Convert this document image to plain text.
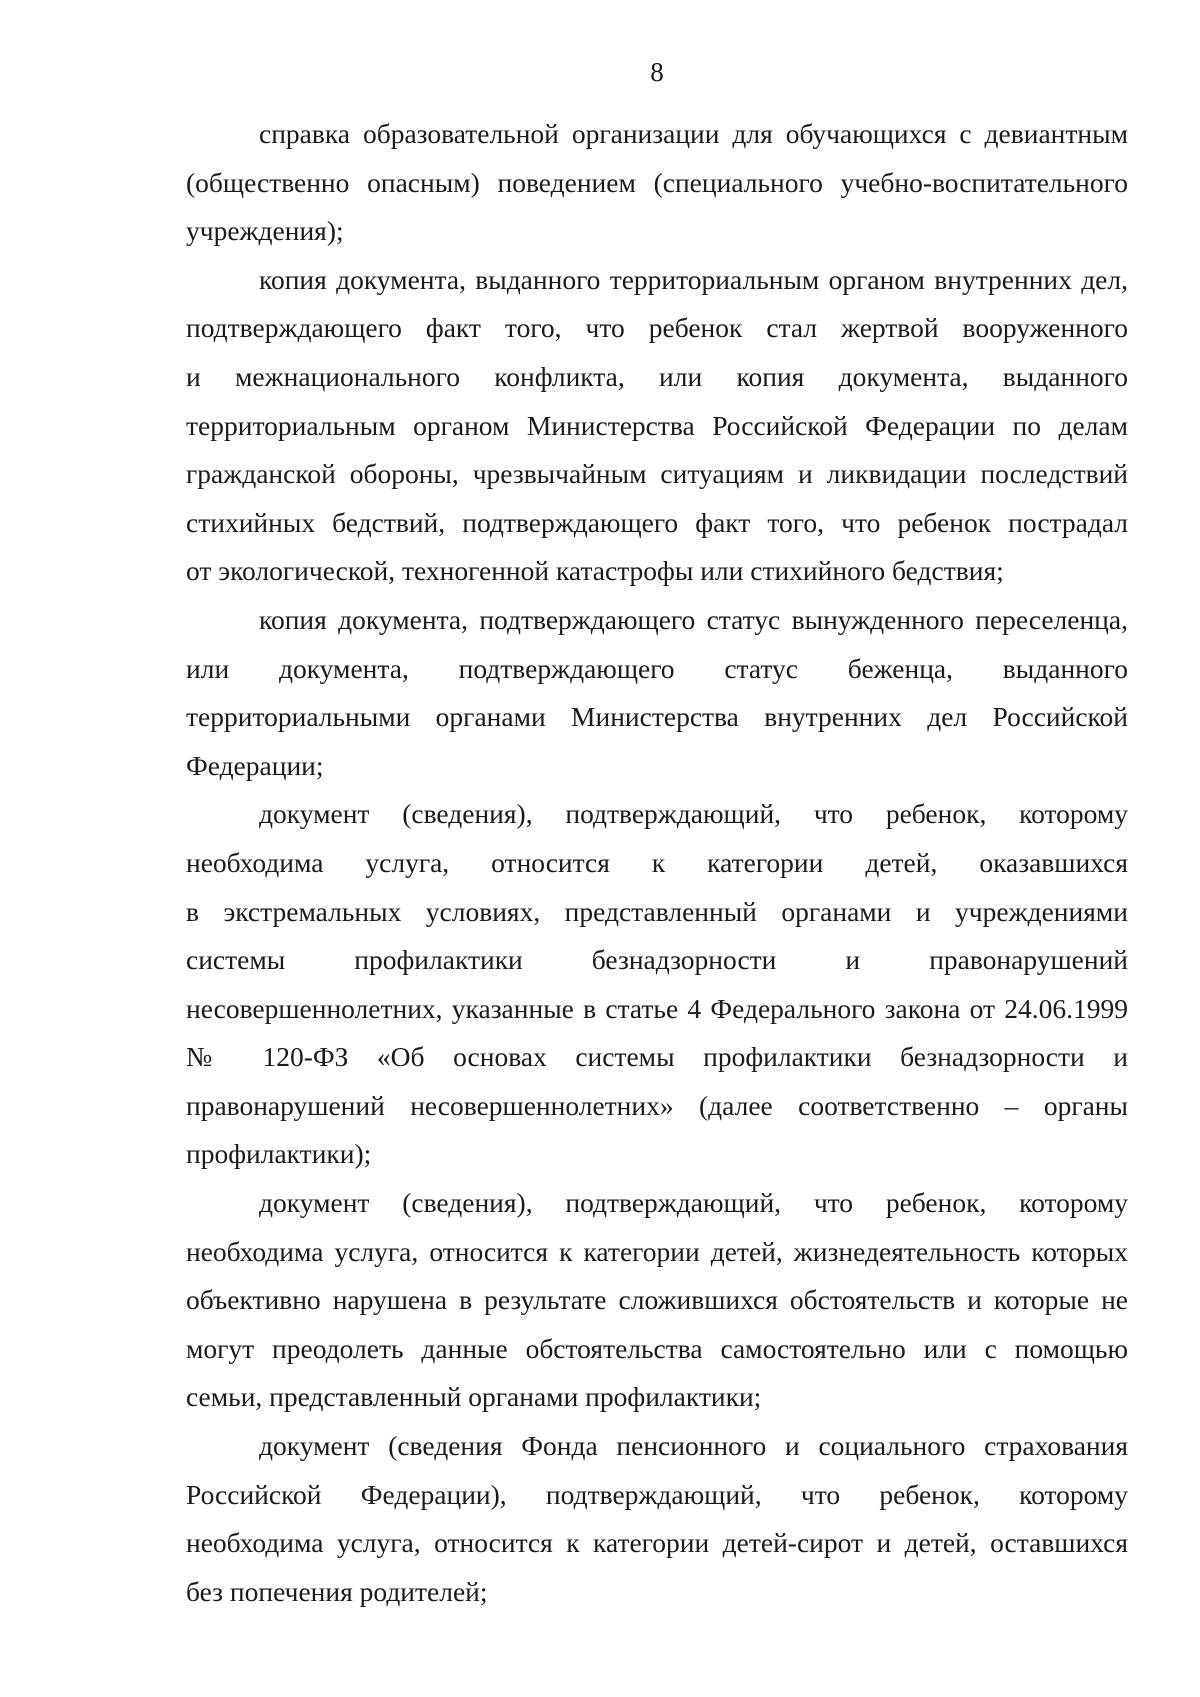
8
справка образовательной организации для обучающихся с девиантным
(общественно опасным) поведением (специального учебно-воспитательного
учреждения);
копия документа, выданного территориальным органом внутренних дел,
подтверждающего факт того, что ребенок стал жертвой вооруженного
и межнационального конфликта, или копия документа, выданного
территориальным органом Министерства Российской Федерации по делам
гражданской обороны, чрезвычайным ситуациям и ликвидации последствий
стихийных бедствий, подтверждающего факт того, что ребенок пострадал
от экологической, техногенной катастрофы или стихийного бедствия;
копия документа, подтверждающего статус вынужденного переселенца,
или документа, подтверждающего статус беженца, выданного
территориальными органами Министерства внутренних дел Российской
Федерации;
документ (сведения), подтверждающий, что ребенок, которому
необходима услуга, относится к категории детей, оказавшихся
в экстремальных условиях, представленный органами и учреждениями
системы профилактики безнадзорности и правонарушений
несовершеннолетних, указанные в статье 4 Федерального закона от 24.06.1999
№ 120-ФЗ «Об основах системы профилактики безнадзорности и
правонарушений несовершеннолетних» (далее соответственно – органы
профилактики);
документ (сведения), подтверждающий, что ребенок, которому
необходима услуга, относится к категории детей, жизнедеятельность которых
объективно нарушена в результате сложившихся обстоятельств и которые не
могут преодолеть данные обстоятельства самостоятельно или с помощью
семьи, представленный органами профилактики;
документ (сведения Фонда пенсионного и социального страхования
Российской Федерации), подтверждающий, что ребенок, которому
необходима услуга, относится к категории детей-сирот и детей, оставшихся
без попечения родителей;
